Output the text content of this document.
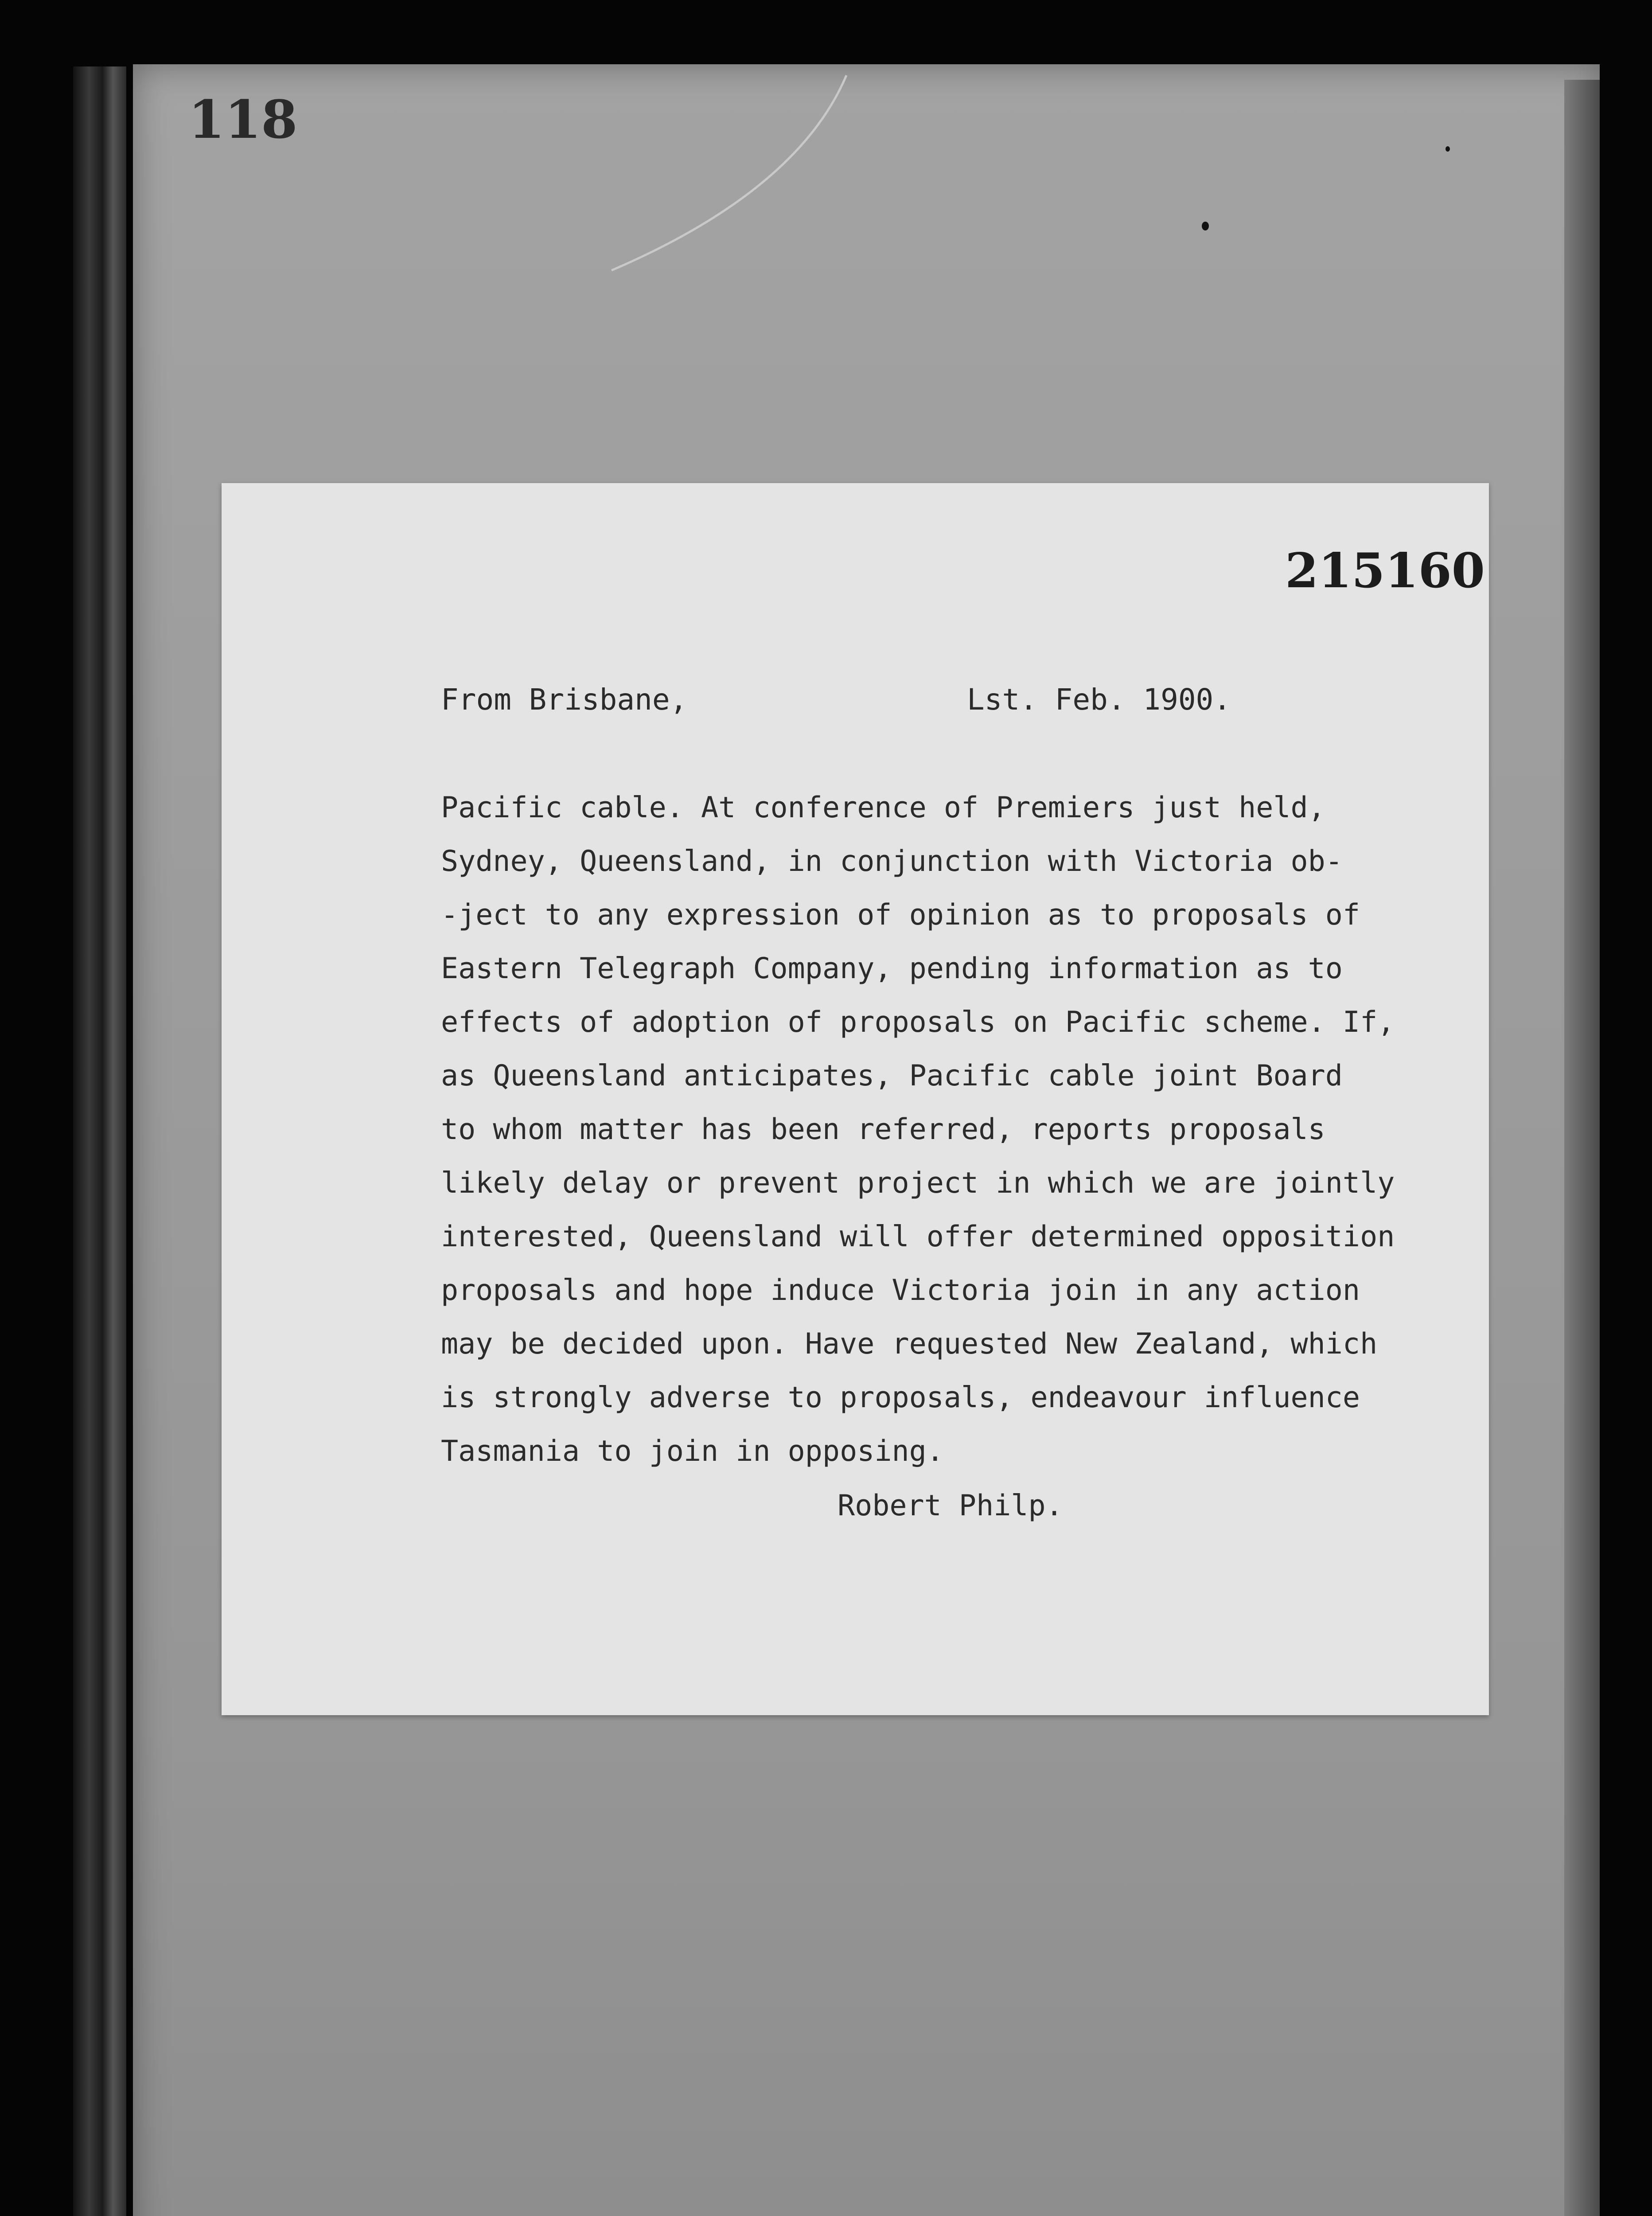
118
215160
From Brisbane,	Lst. Feb. 1900.
Pacific cable. At conference of Premiers just held,
Sydney, Queensland, in conjunction with Victoria ob-
-ject to any expression of opinion as to proposals of
Eastern Telegraph Company, pending information as to
effects of adoption of proposals on Pacific scheme. If,
as Queensland anticipates, Pacific cable joint Board
to whom matter has been referred, reports proposals
likely delay or prevent project in which we are jointly
interested, Queensland will offer determined opposition
proposals and hope induce Victoria join in any action
may be decided upon. Have requested New Zealand, which
is strongly adverse to proposals, endeavour influence
Tasmania to join in opposing.
Robert Philp.
